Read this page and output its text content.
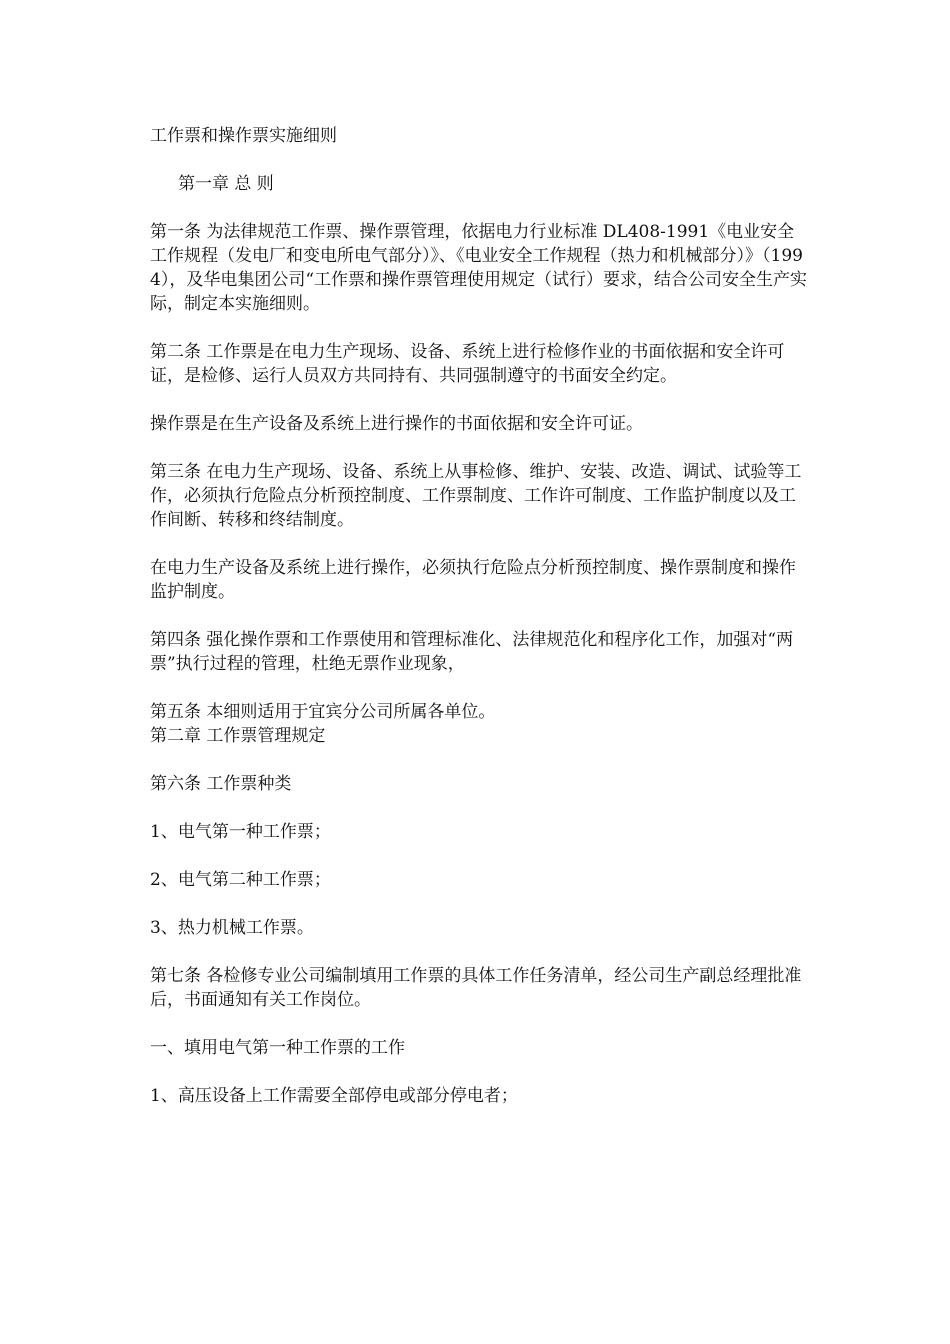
工作票和操作票实施细则

第一章 总 则

第一条 为法律规范工作票、操作票管理，依据电力行业标准 DL408-1991《电业安全工作规程（发电厂和变电所电气部分）》、《电业安全工作规程（热力和机械部分）》（1994），及华电集团公司“工作票和操作票管理使用规定（试行）要求，结合公司安全生产实际，制定本实施细则。

第二条 工作票是在电力生产现场、设备、系统上进行检修作业的书面依据和安全许可证，是检修、运行人员双方共同持有、共同强制遵守的书面安全约定。

操作票是在生产设备及系统上进行操作的书面依据和安全许可证。

第三条 在电力生产现场、设备、系统上从事检修、维护、安装、改造、调试、试验等工作，必须执行危险点分析预控制度、工作票制度、工作许可制度、工作监护制度以及工作间断、转移和终结制度。

在电力生产设备及系统上进行操作，必须执行危险点分析预控制度、操作票制度和操作监护制度。

第四条 强化操作票和工作票使用和管理标准化、法律规范化和程序化工作，加强对“两票”执行过程的管理，杜绝无票作业现象，

第五条 本细则适用于宜宾分公司所属各单位。

第二章 工作票管理规定

第六条 工作票种类

1、电气第一种工作票；

2、电气第二种工作票；

3、热力机械工作票。

第七条 各检修专业公司编制填用工作票的具体工作任务清单，经公司生产副总经理批准后，书面通知有关工作岗位。

一、填用电气第一种工作票的工作

1、高压设备上工作需要全部停电或部分停电者；
